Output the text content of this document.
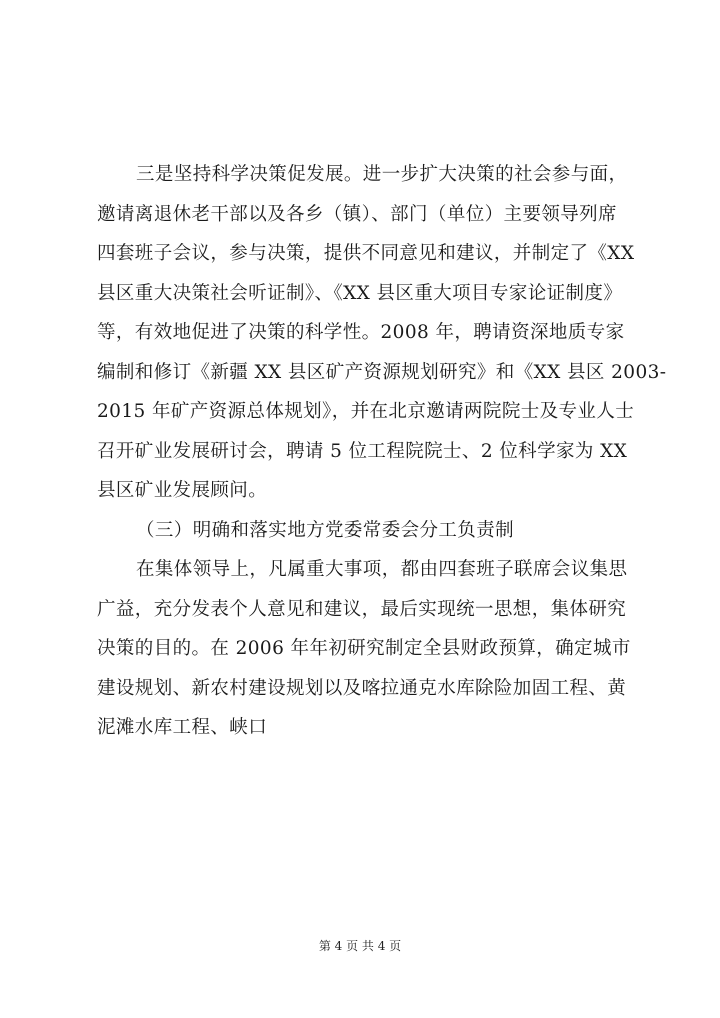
三是坚持科学决策促发展。进一步扩大决策的社会参与面，
邀请离退休老干部以及各乡（镇）、部门（单位）主要领导列席
四套班子会议，参与决策，提供不同意见和建议，并制定了《XX
县区重大决策社会听证制》、《XX 县区重大项目专家论证制度》
等，有效地促进了决策的科学性。2008 年，聘请资深地质专家
编制和修订《新疆 XX 县区矿产资源规划研究》和《XX 县区 2003-
2015 年矿产资源总体规划》，并在北京邀请两院院士及专业人士
召开矿业发展研讨会，聘请 5 位工程院院士、2 位科学家为 XX
县区矿业发展顾问。
（三）明确和落实地方党委常委会分工负责制
在集体领导上，凡属重大事项，都由四套班子联席会议集思
广益，充分发表个人意见和建议，最后实现统一思想，集体研究
决策的目的。在 2006 年年初研究制定全县财政预算，确定城市
建设规划、新农村建设规划以及喀拉通克水库除险加固工程、黄
泥滩水库工程、峡口
第 4 页 共 4 页
